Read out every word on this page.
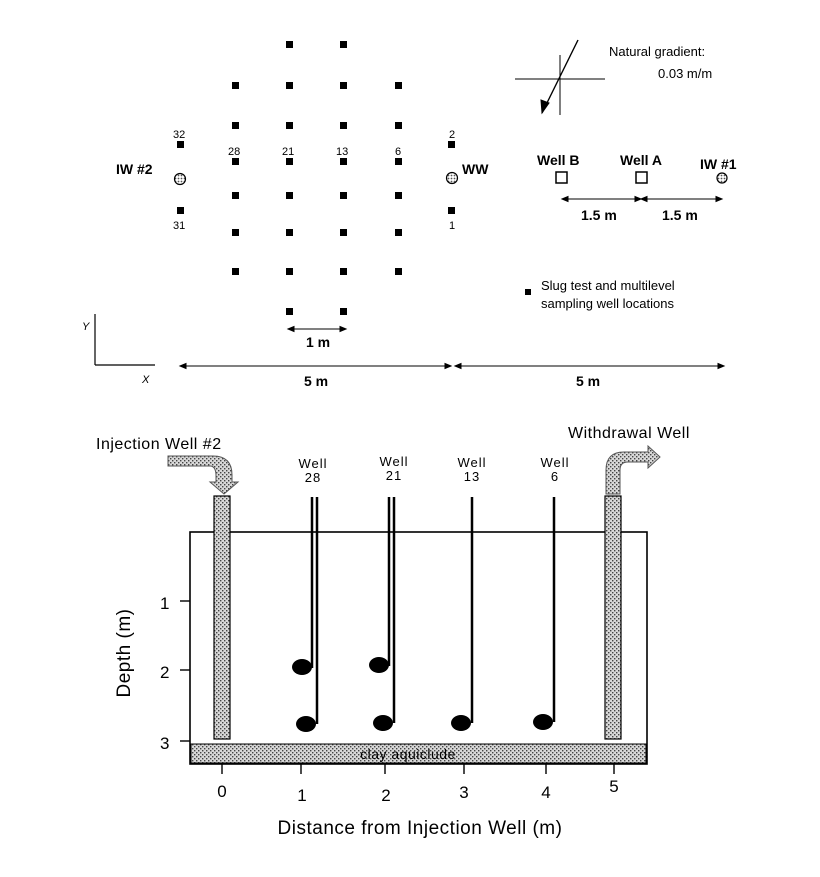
32
31
28	21	13	6
2
1
IW #2	WW
Natural gradient:
0.03 m/m
Well B	Well A	IW #1
1.5 m	1.5 m
Slug test and multilevel
sampling well locations
1 m
Y
X	5 m	5 m
Injection Well #2
Withdrawal Well
Well
28
Well
21
Well
13
Well
6
clay aquiclude
1
2
3
Depth (m)
0	1	2	3	4	5
Distance from Injection Well (m)
